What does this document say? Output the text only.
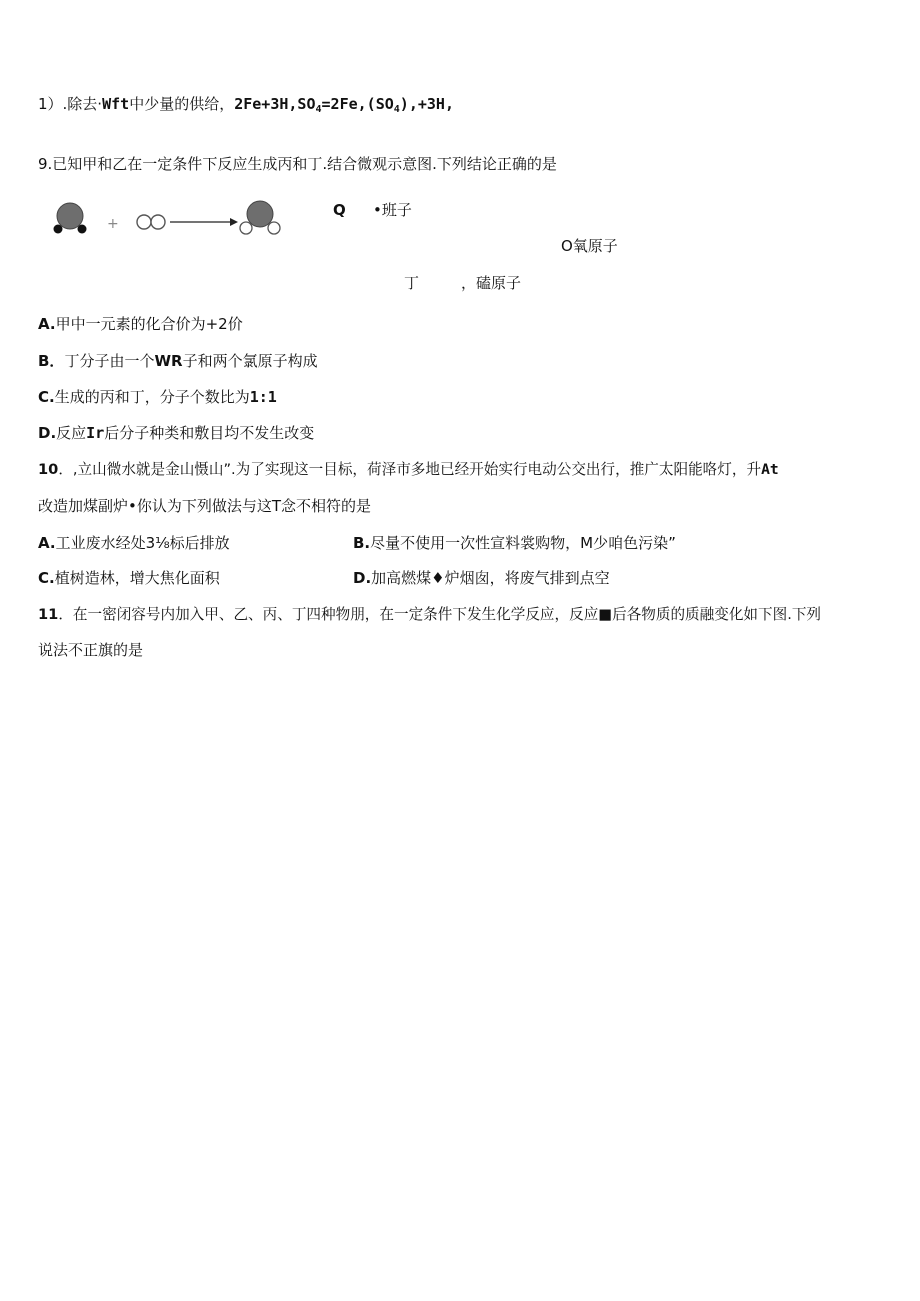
1）.除去·Wft中少量的供给，$2Fe+3H,SO_4=2Fe,(SO_4),+3H$,
9.已知甲和乙在一定条件下反应生成丙和丁.结合微观示意图.下列结论正确的是
+
Q •班子
O氧原子
丁	，磕原子
A.甲中一元素的化合价为+2价
B．丁分子由一个WR子和两个氯原子构成
C.生成的丙和丁，分子个数比为1:1
D.反应Ir后分子种类和敷目均不发生改变
10．,立山微水就是金山慑山”.为了实现这一目标，荷泽市多地已经开始实行电动公交出行，推广太阳能咯灯，升At
改造加煤副炉•你认为下列做法与这T念不相符的是
A.工业废水经处3⅛标后排放	B.尽量不使用一次性宣料裳购物，M少咱色污染”
C.植树造林，增大焦化面积	D.加高燃煤♦炉烟囱，将废气排到点空
11．在一密闭容号内加入甲、乙、丙、丁四种物朋，在一定条件下发生化学反应，反应■后各物质的质融变化如下图.下列
说法不正旗的是
